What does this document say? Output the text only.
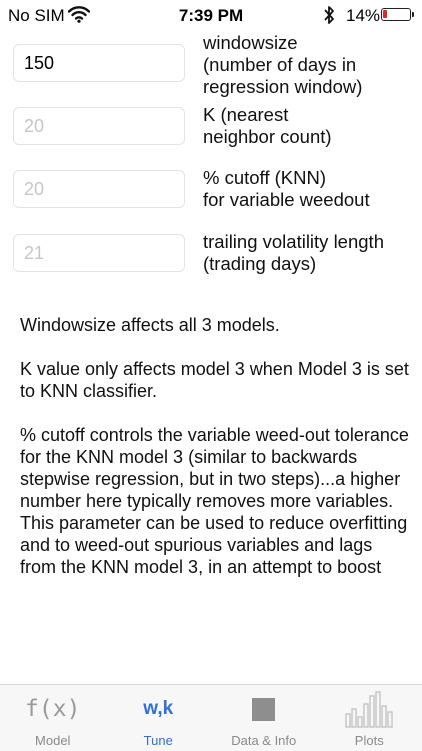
No SIM	7:39 PM	14%
150
windowsize
(number of days in
regression window)
20
K (nearest
neighbor count)
20
% cutoff (KNN)
for variable weedout
21
trailing volatility length
(trading days)

Windowsize affects all 3 models.

K value only affects model 3 when Model 3 is set to KNN classifier.

% cutoff controls the variable weed-out tolerance for the KNN model 3 (similar to backwards stepwise regression, but in two steps)...a higher number here typically removes more variables. This parameter can be used to reduce overfitting and to weed-out spurious variables and lags from the KNN model 3, in an attempt to boost

f(x)
Model
w,k
Tune	Data & Info	Plots
